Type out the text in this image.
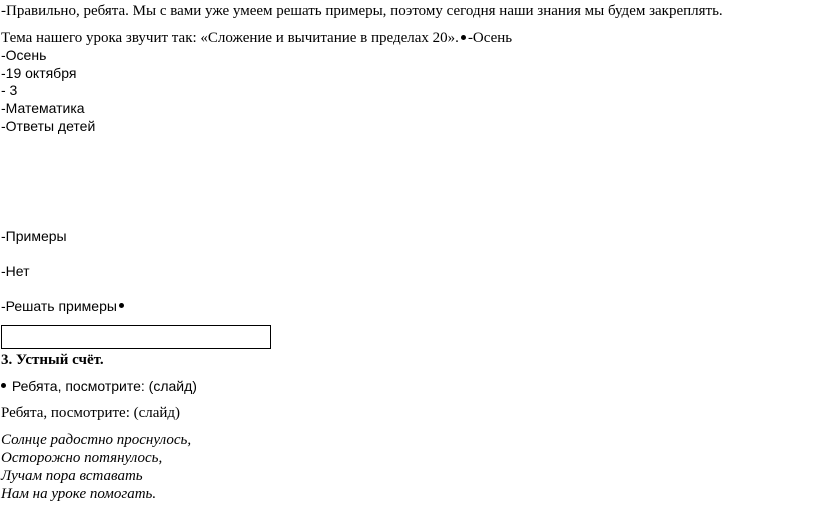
-Правильно, ребята. Мы с вами уже умеем решать примеры, поэтому сегодня наши знания мы будем закреплять.
Тема нашего урока звучит так: «Сложение и вычитание в пределах 20». -Осень
-Осень
-19 октября
- 3
-Математика
-Ответы детей
-Примеры
-Нет
-Решать примеры
3. Устный счёт.
Ребята, посмотрите: (слайд)
Ребята, посмотрите: (слайд)
Солнце радостно проснулось,
Осторожно потянулось,
Лучам пора вставать
Нам на уроке помогать.
